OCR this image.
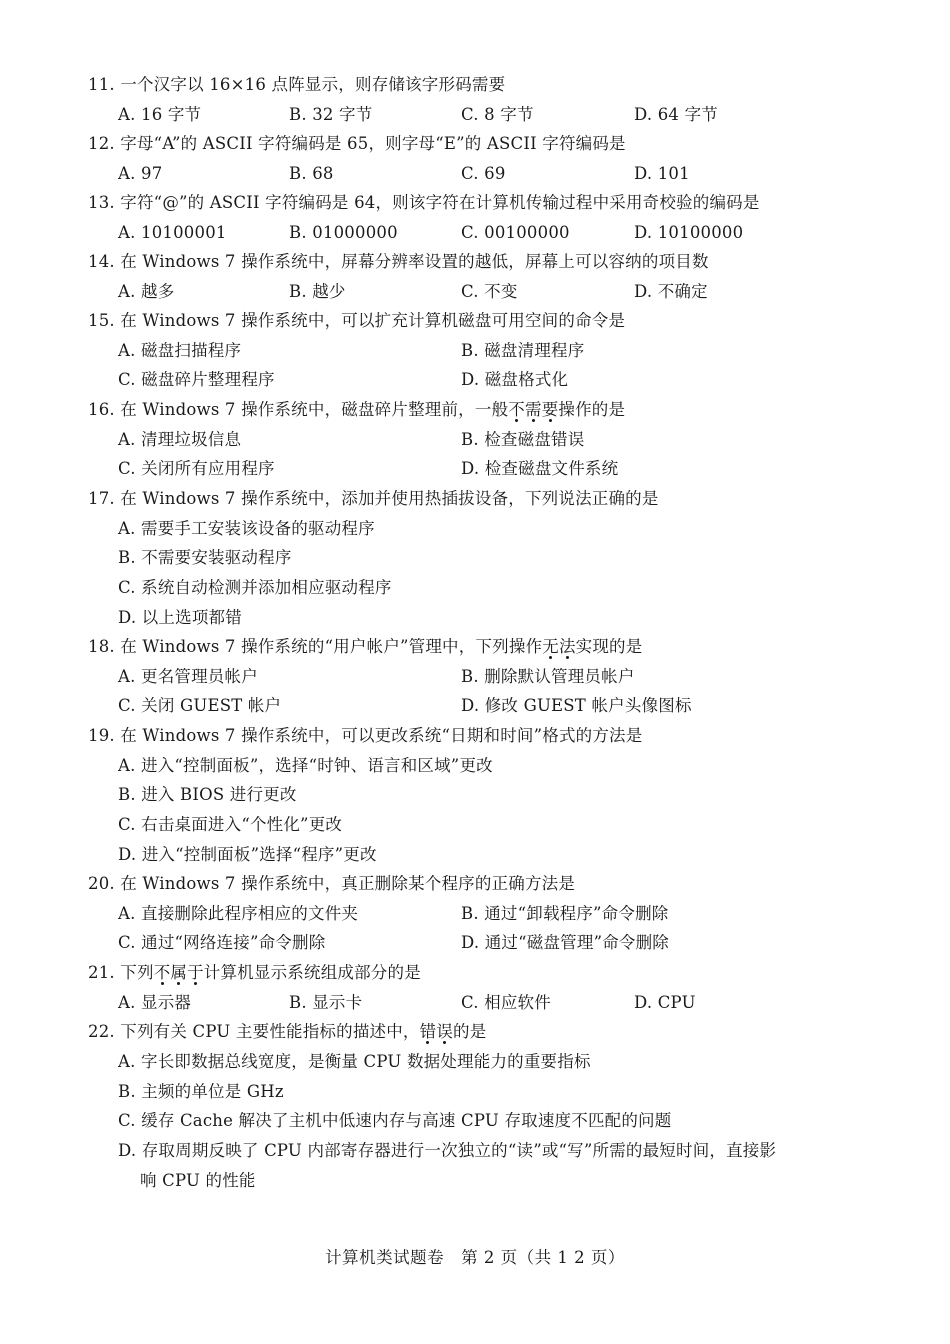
11. 一个汉字以 16×16 点阵显示，则存储该字形码需要
A. 16 字节	B. 32 字节	C. 8 字节	D. 64 字节
12. 字母“A”的 ASCII 字符编码是 65，则字母“E”的 ASCII 字符编码是
A. 97	B. 68	C. 69	D. 101
13. 字符“@”的 ASCII 字符编码是 64，则该字符在计算机传输过程中采用奇校验的编码是
A. 10100001	B. 01000000	C. 00100000	D. 10100000
14. 在 Windows 7 操作系统中，屏幕分辨率设置的越低，屏幕上可以容纳的项目数
A. 越多	B. 越少	C. 不变	D. 不确定
15. 在 Windows 7 操作系统中，可以扩充计算机磁盘可用空间的命令是
A. 磁盘扫描程序	B. 磁盘清理程序
C. 磁盘碎片整理程序	D. 磁盘格式化
16. 在 Windows 7 操作系统中，磁盘碎片整理前，一般不需要操作的是
A. 清理垃圾信息	B. 检查磁盘错误
C. 关闭所有应用程序	D. 检查磁盘文件系统
17. 在 Windows 7 操作系统中，添加并使用热插拔设备，下列说法正确的是
A. 需要手工安装该设备的驱动程序
B. 不需要安装驱动程序
C. 系统自动检测并添加相应驱动程序
D. 以上选项都错
18. 在 Windows 7 操作系统的“用户帐户”管理中，下列操作无法实现的是
A. 更名管理员帐户	B. 删除默认管理员帐户
C. 关闭 GUEST 帐户	D. 修改 GUEST 帐户头像图标
19. 在 Windows 7 操作系统中，可以更改系统“日期和时间”格式的方法是
A. 进入“控制面板”，选择“时钟、语言和区域”更改
B. 进入 BIOS 进行更改
C. 右击桌面进入“个性化”更改
D. 进入“控制面板”选择“程序”更改
20. 在 Windows 7 操作系统中，真正删除某个程序的正确方法是
A. 直接删除此程序相应的文件夹	B. 通过“卸载程序”命令删除
C. 通过“网络连接”命令删除	D. 通过“磁盘管理”命令删除
21. 下列不属于计算机显示系统组成部分的是
A. 显示器	B. 显示卡	C. 相应软件	D. CPU
22. 下列有关 CPU 主要性能指标的描述中，错误的是
A. 字长即数据总线宽度，是衡量 CPU 数据处理能力的重要指标
B. 主频的单位是 GHz
C. 缓存 Cache 解决了主机中低速内存与高速 CPU 存取速度不匹配的问题
D. 存取周期反映了 CPU 内部寄存器进行一次独立的“读”或“写”所需的最短时间，直接影
响 CPU 的性能
计算机类试题卷　第 2 页（共 1 2 页）
